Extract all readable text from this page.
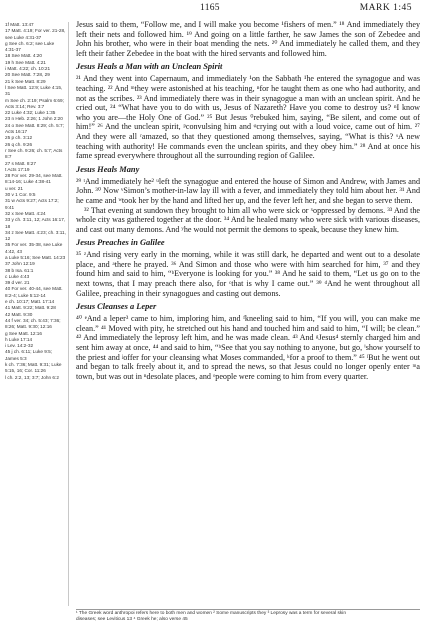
1165	MARK 1:45

1f Matt. 13:47

17 Matt. 4:19; For ver. 21-28, see Luke 4:31-37

g See ch. 6:2; see Luke 4:31-37

18 See Matt. 4:20

19 h See Matt. 4:21

i Matt. 4:22; ch. 10:21

20 See Matt. 7:28, 29

21 k See Matt. 8:29

l See Matt. 12:9; Luke 4:15, 31

m See ch. 2:19; Psalm 6:69; Acts 3:14; Rev. 3:7

22 Luke 4:32; Luke 1:35

23 n Heb. 2:26; 1 John 2:20

24 o See Matt. 8:29; ch. 5:7; Acts 16:17

25 p ch. 3:12

26 q ch. 9:26

r See ch. 9:26; ch. 5:7; Acts 8:7

27 s Matt. 8:27

t Acts 17:19

28 For ver. 29-34, see Matt. 8:14-16; Luke 4:38-41

u ver. 21

30 v 1 Cor. 9:5

31 w Acts 9:27; Acts 17:2; 9:41

32 x See Matt. 4:24

33 y ch. 3:11, 12; Acts 16:17, 18

34 z See Matt. 4:23; ch. 3:11, 12

35 For ver. 35-38, see Luke 4:42, 43

a Luke 5:16; See Matt. 14:23

37 John 12:19

38 b Isa. 61:1

c Luke 4:43

39 d ver. 21

40 For ver. 40-44, see Matt. 8:2-4; Luke 5:12-14

e ch. 10:17; Matt. 17:14

41 Matt. 9:22; Matt. 9:28

42 Matt. 9:30

44 f ver. 34; ch. 5:43; 7:36; 8:26; Matt. 9:30; 12:16

g See Matt. 12:16

h Luke 17:14

i Lev. 14:2-32

45 j ch. 6:11; Luke 9:5; James 5:3

k ch. 7:36; Matt. 9:31; Luke 5:15, 16; Cor. 11:26

l ch. 2:2, 13; 3:7; John 6:2

Jesus said to them, “Follow me, and I will make you become ¹fishers of men.” ¹⁸ And immediately they left their nets and followed him. ¹⁹ And going on a little farther, he saw James the son of Zebedee and John his brother, who were in their boat mending the nets. ²⁰ And immediately he called them, and they left their father Zebedee in the boat with the hired servants and followed him.

Jesus Heals a Man with an Unclean Spirit

²¹ And they went into Capernaum, and immediately ¹on the Sabbath ¹he entered the synagogue and was teaching. ²² And ᵐthey were astonished at his teaching, ⁿfor he taught them as one who had authority, and not as the scribes. ²³ And immediately there was in their synagogue a man with an unclean spirit. And he cried out, ²⁴ “What have you to do with us, Jesus of Nazareth? Have you come to destroy us? ⁿI know who you are—the Holy One of God.” ²⁵ But Jesus ⁰rebuked him, saying, “Be silent, and come out of him!” ²⁶ And the unclean spirit, ᵖconvulsing him and ᵠcrying out with a loud voice, came out of him. ²⁷ And they were all ʳamazed, so that they questioned among themselves, saying, “What is this? ˢA new teaching with authority! He commands even the unclean spirits, and they obey him.” ²⁸ And at once his fame spread everywhere throughout all the surrounding region of Galilee.

Jesus Heals Many

²⁹ ᵗAnd immediately he² ᵘleft the synagogue and entered the house of Simon and Andrew, with James and John. ³⁰ Now ᵛSimon’s mother-in-law lay ill with a fever, and immediately they told him about her. ³¹ And he came and ʷtook her by the hand and lifted her up, and the fever left her, and she began to serve them.

³² That evening at sundown they brought to him all who were sick or ˣoppressed by demons. ³³ And the whole city was gathered together at the door. ³⁴ And he healed many who were sick with various diseases, and cast out many demons. And ʸhe would not permit the demons to speak, because they knew him.

Jesus Preaches in Galilee

³⁵ ᶻAnd rising very early in the morning, while it was still dark, he departed and went out to a desolate place, and ᵃthere he prayed. ³⁶ And Simon and those who were with him searched for him, ³⁷ and they found him and said to him, “ᵇEveryone is looking for you.” ³⁸ And he said to them, “Let us go on to the next towns, that I may preach there also, for ᶜthat is why I came out.” ³⁹ ᵈAnd he went throughout all Galilee, preaching in their synagogues and casting out demons.

Jesus Cleanses a Leper

⁴⁰ ᵉAnd a leper³ came to him, imploring him, and ᶠkneeling said to him, “If you will, you can make me clean.” ⁴¹ Moved with pity, he stretched out his hand and touched him and said to him, “I will; be clean.” ⁴² And immediately the leprosy left him, and he was made clean. ⁴³ And ᵍJesus⁴ sternly charged him and sent him away at once, ⁴⁴ and said to him, “ʰSee that you say nothing to anyone, but go, ⁱshow yourself to the priest and ʲoffer for your cleansing what Moses commanded, ᵏfor a proof to them.” ⁴⁵ ˡBut he went out and began to talk freely about it, and to spread the news, so that Jesus could no longer openly enter ᵐa town, but was out in ⁿdesolate places, and ᵒpeople were coming to him from every quarter.

¹ The Greek word anthropoi refers here to both men and women ² Some manuscripts they ³ Leprosy was a term for several skin

diseases; see Leviticus 13 ⁴ Greek he; also verse 45
